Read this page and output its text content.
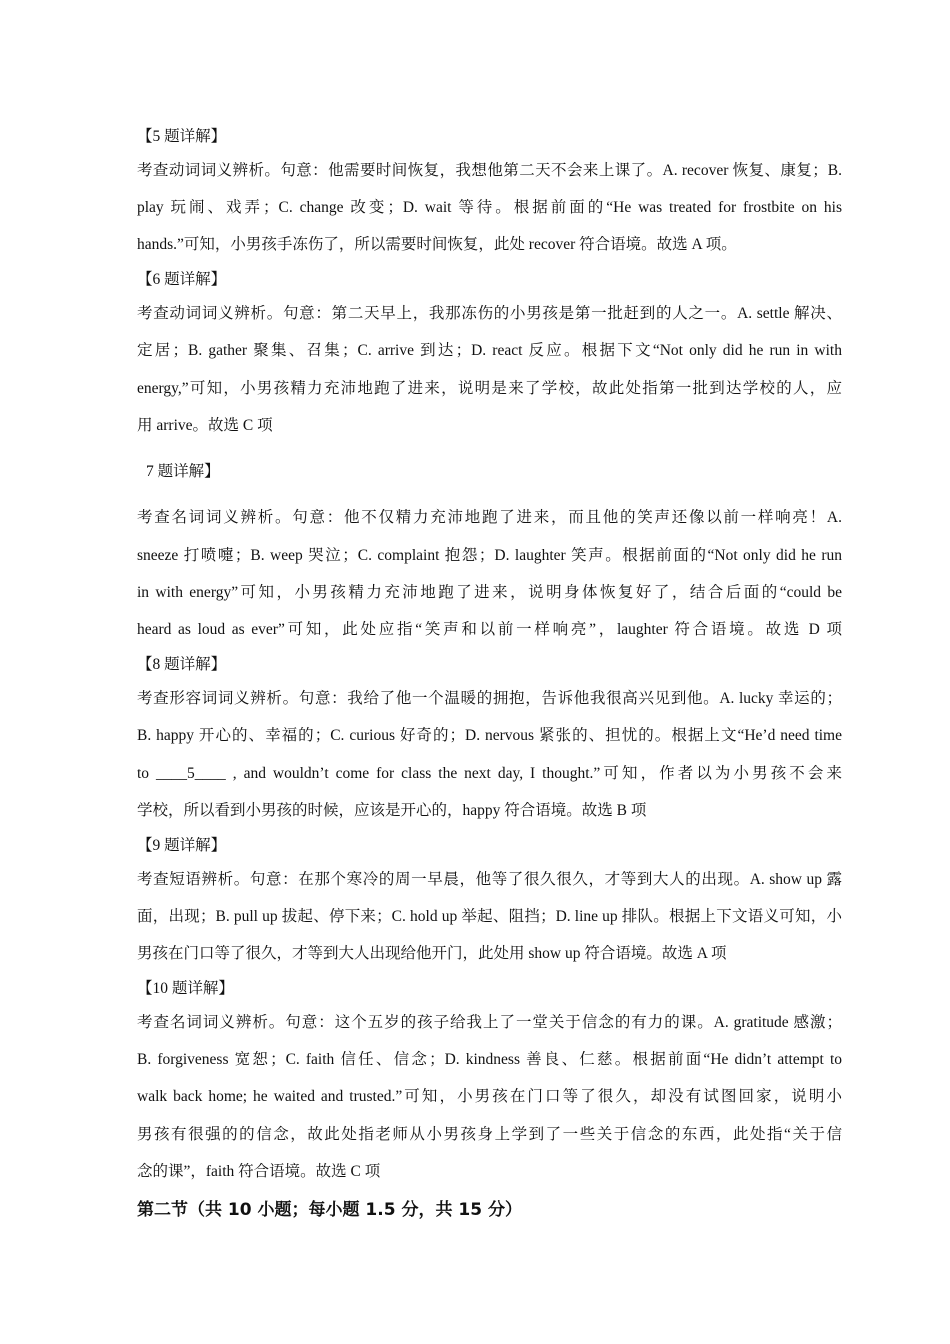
【5 题详解】
考查动词词义辨析。句意：他需要时间恢复，我想他第二天不会来上课了。A. recover 恢复、康复；B.
play 玩闹、戏弄；C. change 改变；D. wait 等待。根据前面的“He was treated for frostbite on his
hands.”可知，小男孩手冻伤了，所以需要时间恢复，此处 recover 符合语境。故选 A 项。
【6 题详解】
考查动词词义辨析。句意：第二天早上，我那冻伤的小男孩是第一批赶到的人之一。A. settle 解决、
定居；B. gather 聚集、召集；C. arrive 到达；D. react 反应。根据下文“Not only did he run in with
energy,”可知，小男孩精力充沛地跑了进来，说明是来了学校，故此处指第一批到达学校的人，应
用 arrive。故选 C 项
7 题详解】
考查名词词义辨析。句意：他不仅精力充沛地跑了进来，而且他的笑声还像以前一样响亮！A.
sneeze 打喷嚏；B. weep 哭泣；C. complaint 抱怨；D. laughter 笑声。根据前面的“Not only did he run
in with energy”可知，小男孩精力充沛地跑了进来，说明身体恢复好了，结合后面的“could be
heard as loud as ever”可知，此处应指“笑声和以前一样响亮”，laughter 符合语境。故选 D 项
【8 题详解】
考查形容词词义辨析。句意：我给了他一个温暖的拥抱，告诉他我很高兴见到他。A. lucky 幸运的；
B. happy 开心的、幸福的；C. curious 好奇的；D. nervous 紧张的、担忧的。根据上文“He’d need time
to ____5____ , and wouldn’t come for class the next day, I thought.”可知，作者以为小男孩不会来
学校，所以看到小男孩的时候，应该是开心的，happy 符合语境。故选 B 项
【9 题详解】
考查短语辨析。句意：在那个寒冷的周一早晨，他等了很久很久，才等到大人的出现。A. show up 露
面，出现；B. pull up 拔起、停下来；C. hold up 举起、阻挡；D. line up 排队。根据上下文语义可知，小
男孩在门口等了很久，才等到大人出现给他开门，此处用 show up 符合语境。故选 A 项
【10 题详解】
考查名词词义辨析。句意：这个五岁的孩子给我上了一堂关于信念的有力的课。A. gratitude 感激；
B. forgiveness 宽恕；C. faith 信任、信念；D. kindness 善良、仁慈。根据前面“He didn’t attempt to
walk back home; he waited and trusted.”可知，小男孩在门口等了很久，却没有试图回家，说明小
男孩有很强的的信念，故此处指老师从小男孩身上学到了一些关于信念的东西，此处指“关于信
念的课”，faith 符合语境。故选 C 项
第二节（共 10 小题；每小题 1.5 分，共 15 分）
